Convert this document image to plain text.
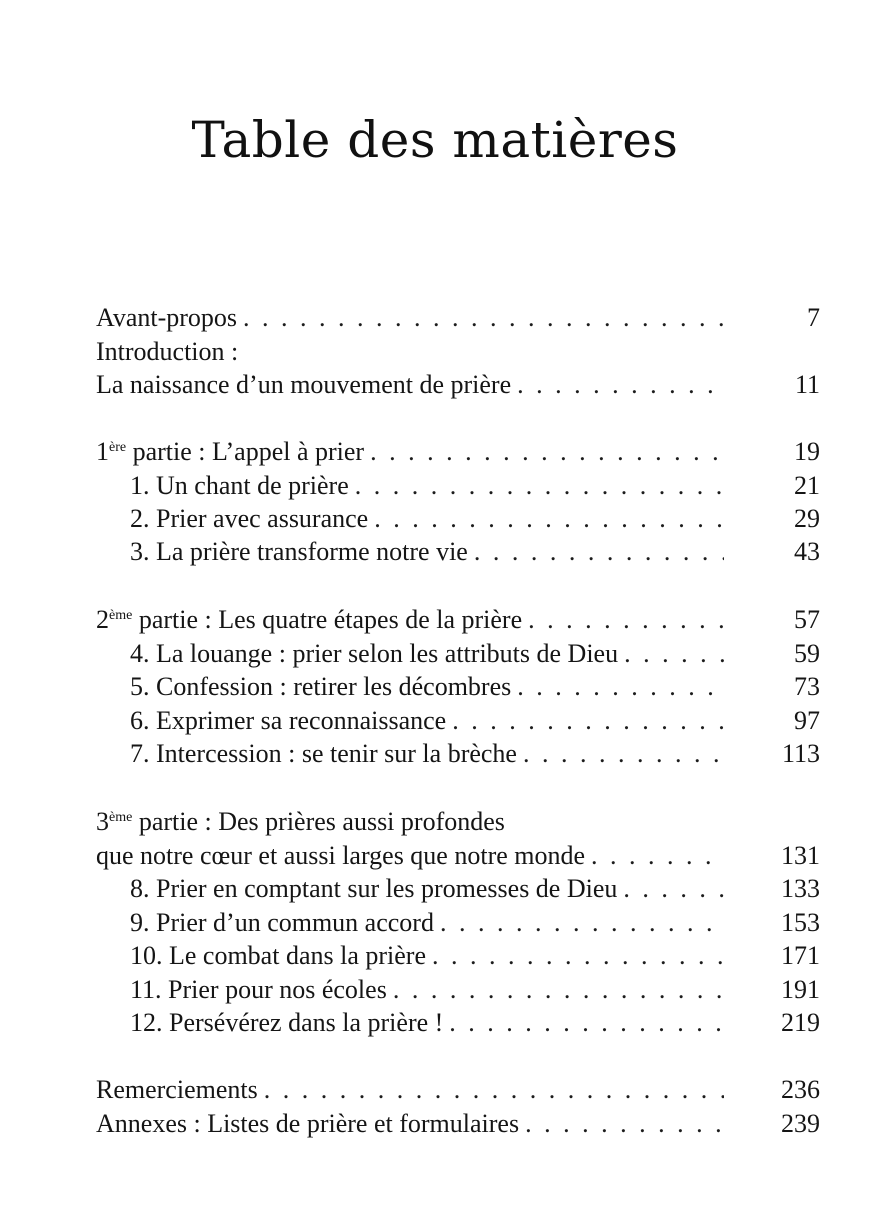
Table des matières
Avant-propos . . .	7
Introduction :
La naissance d’un mouvement de prière . . .	11
1ère partie : L’appel à prier . . .	19
1. Un chant de prière . . .	21
2. Prier avec assurance . . .	29
3. La prière transforme notre vie . . .	43
2ème partie : Les quatre étapes de la prière . . .	57
4. La louange : prier selon les attributs de Dieu . . .	59
5. Confession : retirer les décombres . . .	73
6. Exprimer sa reconnaissance . . .	97
7. Intercession : se tenir sur la brèche . . .	113
3ème partie : Des prières aussi profondes
que notre cœur et aussi larges que notre monde . . .	131
8. Prier en comptant sur les promesses de Dieu . . .	133
9. Prier d’un commun accord . . .	153
10. Le combat dans la prière . . .	171
11. Prier pour nos écoles . . .	191
12. Persévérez dans la prière ! . . .	219
Remerciements . . .	236
Annexes : Listes de prière et formulaires . . .	239
